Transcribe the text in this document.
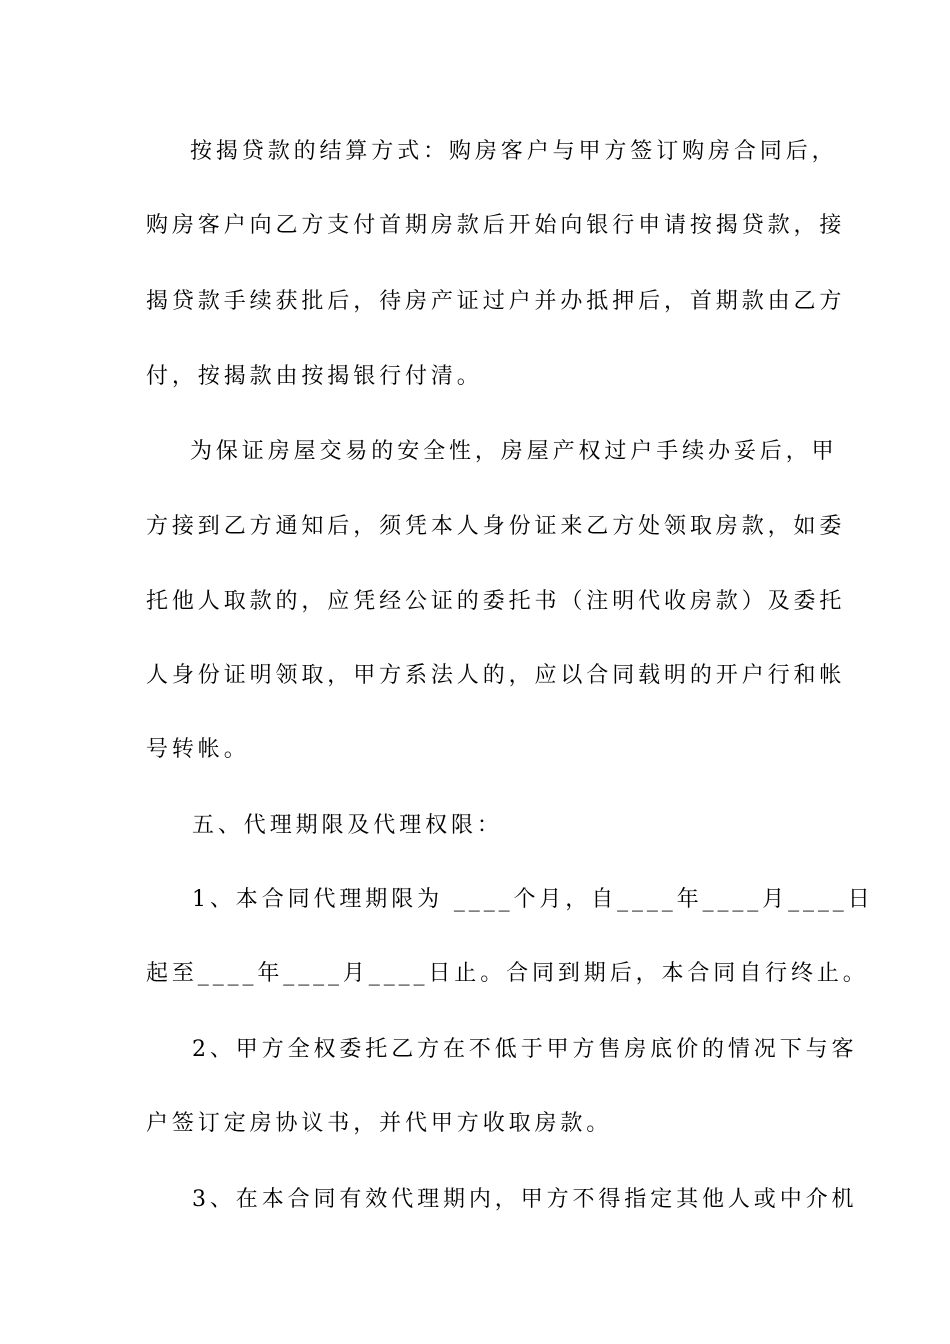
按揭贷款的结算方式：购房客户与甲方签订购房合同后，
购房客户向乙方支付首期房款后开始向银行申请按揭贷款，接
揭贷款手续获批后，待房产证过户并办抵押后，首期款由乙方
付，按揭款由按揭银行付清。
为保证房屋交易的安全性，房屋产权过户手续办妥后，甲
方接到乙方通知后，须凭本人身份证来乙方处领取房款，如委
托他人取款的，应凭经公证的委托书（注明代收房款）及委托
人身份证明领取，甲方系法人的，应以合同载明的开户行和帐
号转帐。
五、代理期限及代理权限：
1、本合同代理期限为 ____个月，自____年____月____日
起至____年____月____日止。合同到期后，本合同自行终止。
2、甲方全权委托乙方在不低于甲方售房底价的情况下与客
户签订定房协议书，并代甲方收取房款。
3、在本合同有效代理期内，甲方不得指定其他人或中介机
